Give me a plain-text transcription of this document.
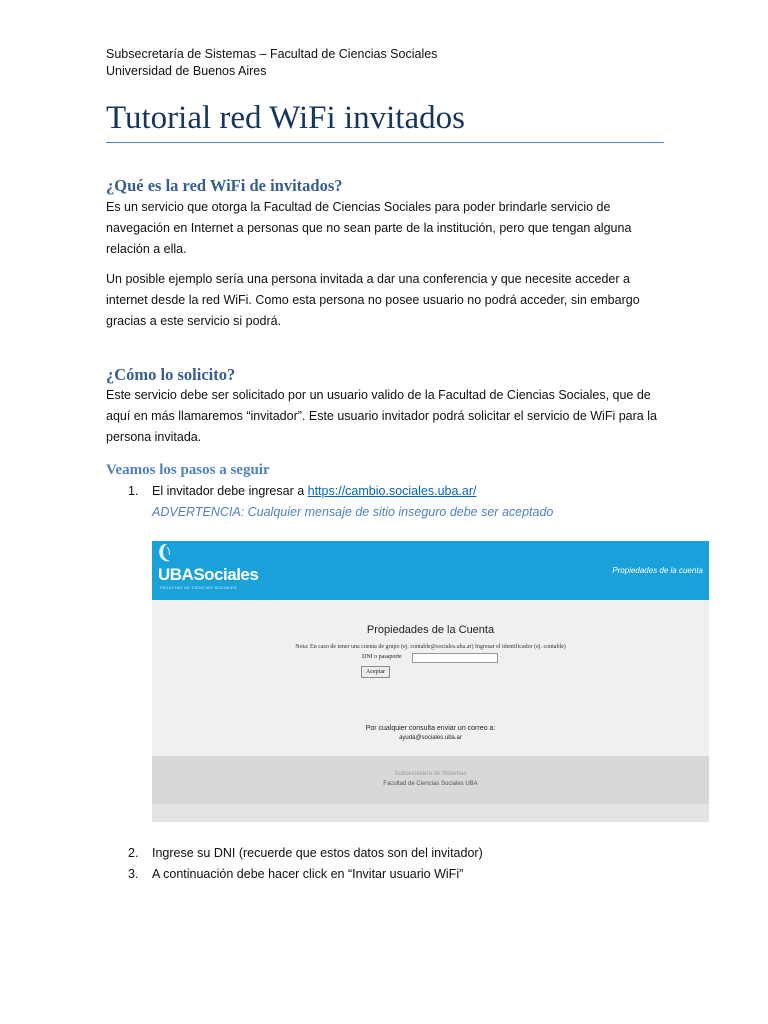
Subsecretaría de Sistemas – Facultad de Ciencias Sociales
Universidad de Buenos Aires
Tutorial red WiFi invitados
¿Qué es la red WiFi de invitados?

Es un servicio que otorga la Facultad de Ciencias Sociales para poder brindarle servicio de navegación en Internet a personas que no sean parte de la institución, pero que tengan alguna relación a ella.

Un posible ejemplo sería una persona invitada a dar una conferencia y que necesite acceder a internet desde la red WiFi. Como esta persona no posee usuario no podrá acceder, sin embargo gracias a este servicio si podrá.

¿Cómo lo solicito?

Este servicio debe ser solicitado por un usuario valido de la Facultad de Ciencias Sociales, que de aquí en más llamaremos “invitador”. Este usuario invitador podrá solicitar el servicio de WiFi para la persona invitada.

Veamos los pasos a seguir
1. El invitador debe ingresar a https://cambio.sociales.uba.ar/
ADVERTENCIA: Cualquier mensaje de sitio inseguro debe ser aceptado
UBASociales
FACULTAD DE CIENCIAS SOCIALES
Propiedades de la cuenta
Propiedades de la Cuenta
Nota: En caso de tener una cuenta de grupo (ej. contable@sociales.uba.ar) Ingresar el identificador (ej. contable)
DNI o pasaporte
Aceptar
Por cualquier consulta enviar un correo a:
ayuda@sociales.uba.ar
Subsecretaría de Sistemas
Facultad de Ciencias Sociales UBA
2. Ingrese su DNI (recuerde que estos datos son del invitador)
3. A continuación debe hacer click en “Invitar usuario WiFi”
